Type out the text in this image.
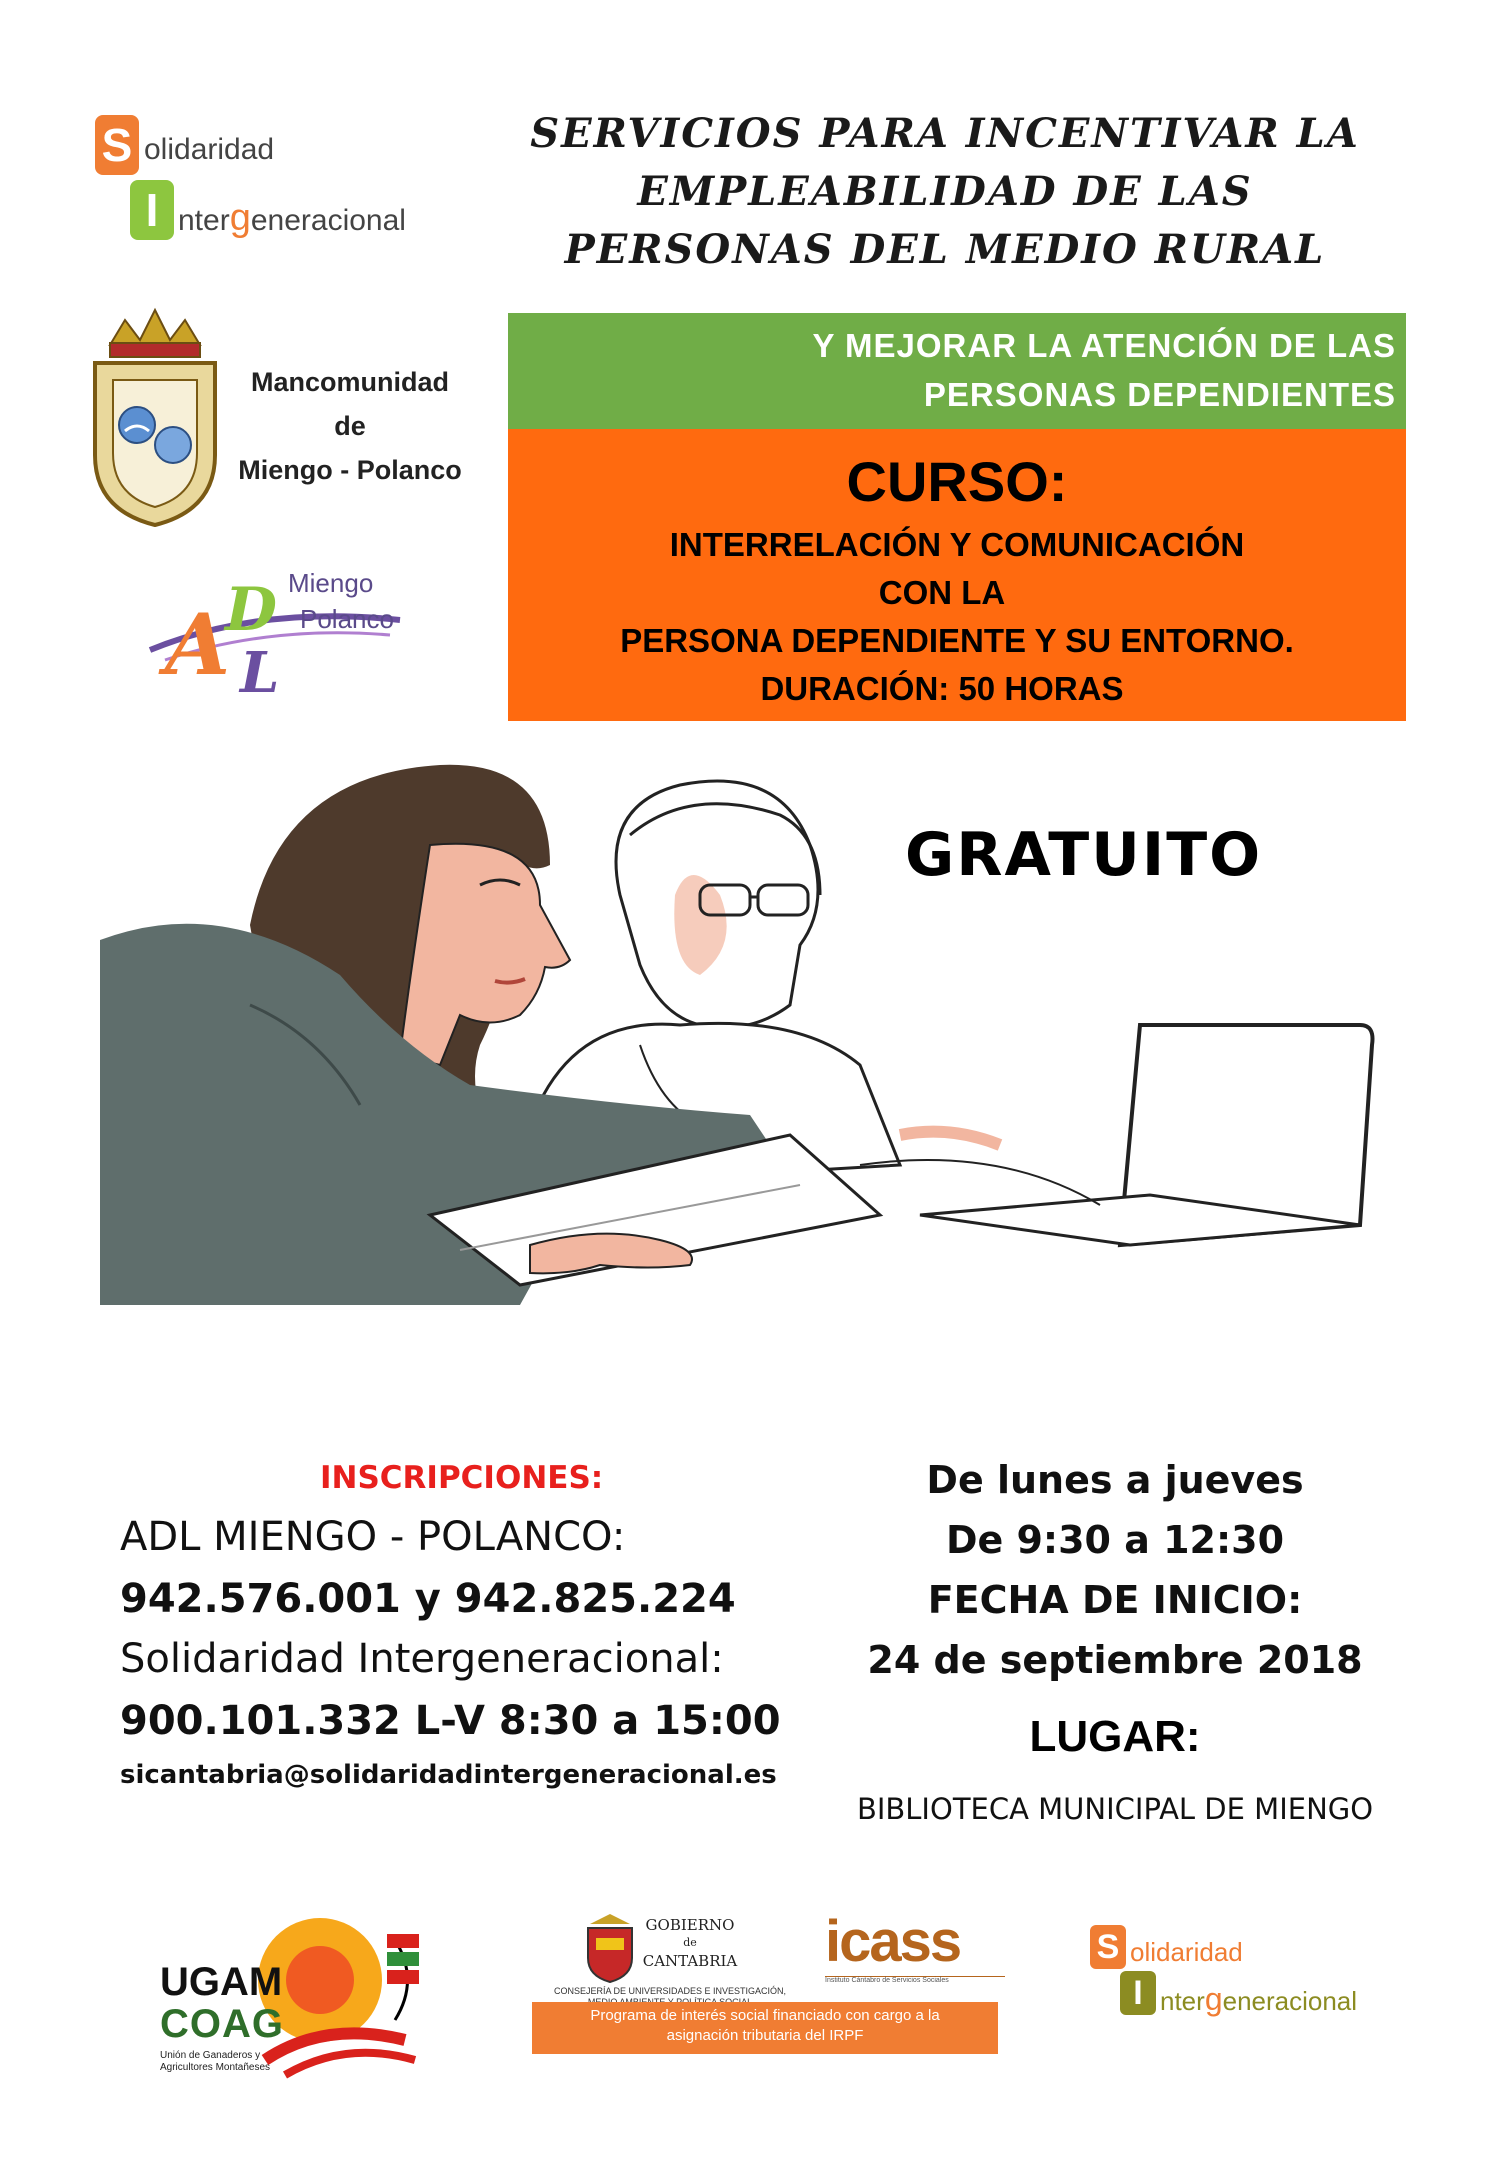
SERVICIOS PARA INCENTIVAR LA
EMPLEABILIDAD DE LAS
PERSONAS DEL MEDIO RURAL
S olidaridad
I ntergeneracional
Mancomunidad
de
Miengo - Polanco
A
D
L
Miengo
Polanco
Y MEJORAR LA ATENCIÓN DE LAS
PERSONAS DEPENDIENTES
CURSO:
INTERRELACIÓN Y COMUNICACIÓN
CON LA
PERSONA DEPENDIENTE Y SU ENTORNO.
DURACIÓN: 50 HORAS
GRATUITO
INSCRIPCIONES:
ADL MIENGO - POLANCO:
942.576.001 y 942.825.224
Solidaridad Intergeneracional:
900.101.332 L-V 8:30 a 15:00
sicantabria@solidaridadintergeneracional.es
De lunes a jueves
De 9:30 a 12:30
FECHA DE INICIO:
24 de septiembre 2018
LUGAR:
BIBLIOTECA MUNICIPAL DE MIENGO
UGAM
COAG
Unión de Ganaderos y
Agricultores Montañeses
GOBIERNO
de
CANTABRIA
CONSEJERÍA DE UNIVERSIDADES E INVESTIGACIÓN,
icass
Instituto Cántabro de Servicios Sociales
Programa de interés social financiado con cargo a la
asignación tributaria del IRPF
S olidaridad
I ntergeneracional
